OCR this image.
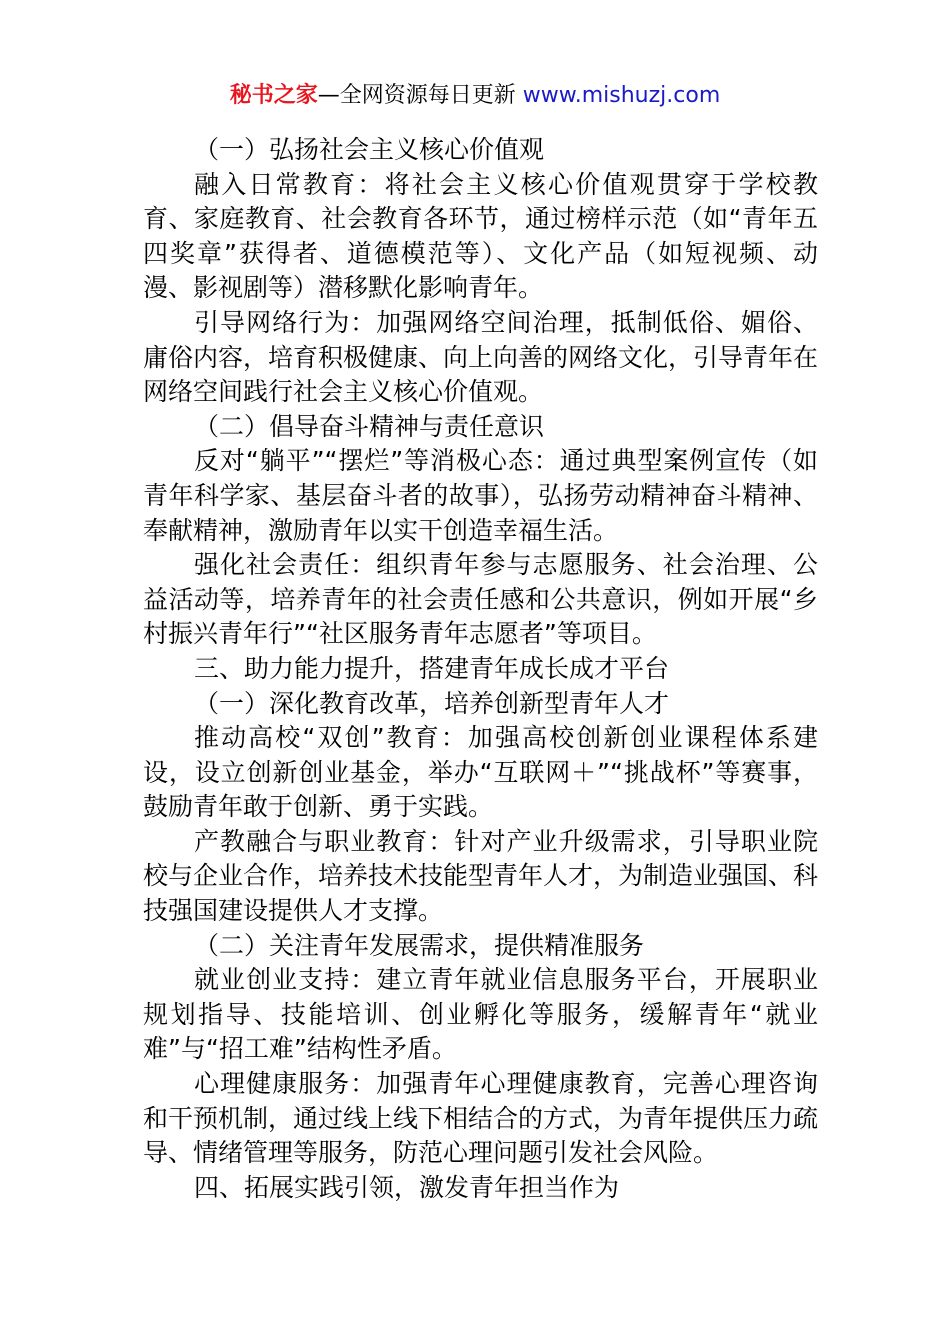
秘书之家—全网资源每日更新 www.mishuzj.com

（一）弘扬社会主义核心价值观

融入日常教育：将社会主义核心价值观贯穿于学校教育、家庭教育、社会教育各环节，通过榜样示范（如“青年五四奖章”获得者、道德模范等）、文化产品（如短视频、动漫、影视剧等）潜移默化影响青年。

引导网络行为：加强网络空间治理，抵制低俗、媚俗、庸俗内容，培育积极健康、向上向善的网络文化，引导青年在网络空间践行社会主义核心价值观。

（二）倡导奋斗精神与责任意识

反对“躺平”“摆烂”等消极心态：通过典型案例宣传（如青年科学家、基层奋斗者的故事），弘扬劳动精神奋斗精神、奉献精神，激励青年以实干创造幸福生活。

强化社会责任：组织青年参与志愿服务、社会治理、公益活动等，培养青年的社会责任感和公共意识，例如开展“乡村振兴青年行”“社区服务青年志愿者”等项目。

三、助力能力提升，搭建青年成长成才平台

（一）深化教育改革，培养创新型青年人才

推动高校“双创”教育：加强高校创新创业课程体系建设，设立创新创业基金，举办“互联网＋”“挑战杯”等赛事，鼓励青年敢于创新、勇于实践。

产教融合与职业教育：针对产业升级需求，引导职业院校与企业合作，培养技术技能型青年人才，为制造业强国、科技强国建设提供人才支撑。

（二）关注青年发展需求，提供精准服务

就业创业支持：建立青年就业信息服务平台，开展职业规划指导、技能培训、创业孵化等服务，缓解青年“就业难”与“招工难”结构性矛盾。

心理健康服务：加强青年心理健康教育，完善心理咨询和干预机制，通过线上线下相结合的方式，为青年提供压力疏导、情绪管理等服务，防范心理问题引发社会风险。

四、拓展实践引领，激发青年担当作为
